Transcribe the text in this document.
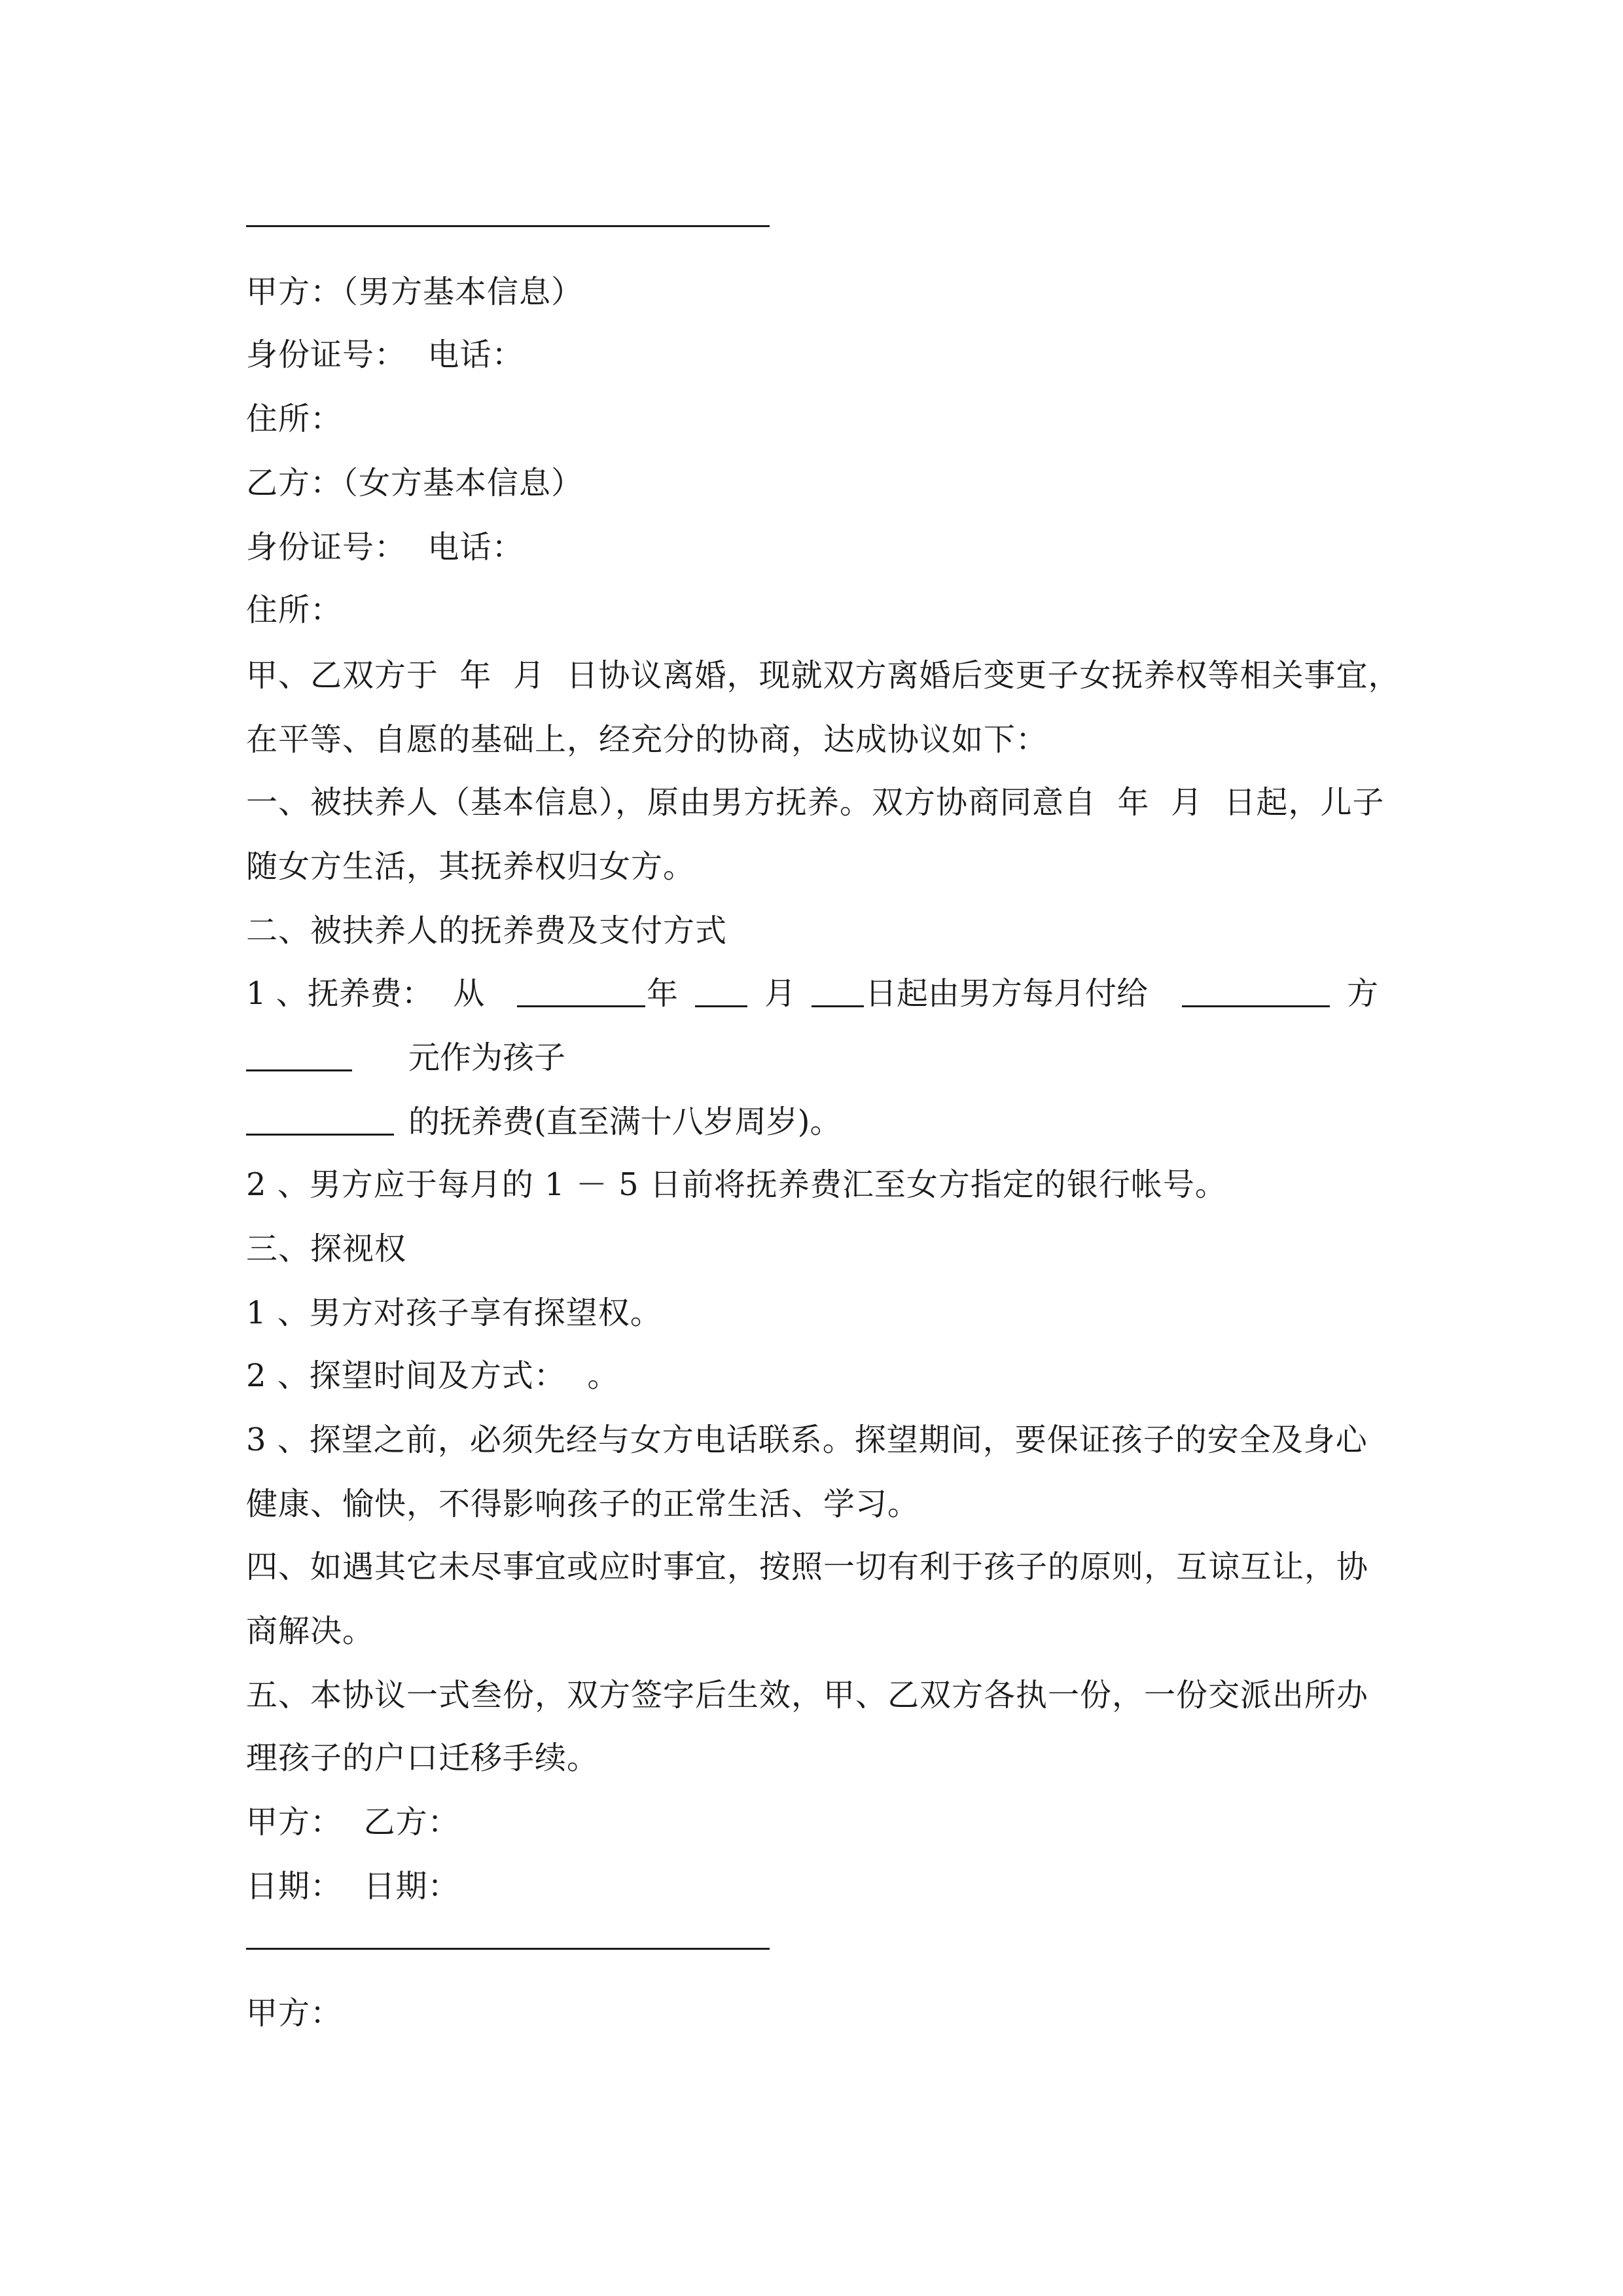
甲方：（男方基本信息）
身份证号：  电话：
住所：
乙方：（女方基本信息）
身份证号：  电话：
住所：
甲、乙双方于  年  月  日协议离婚，现就双方离婚后变更子女抚养权等相关事宜，
在平等、自愿的基础上，经充分的协商，达成协议如下：
一、被扶养人（基本信息），原由男方抚养。双方协商同意自  年  月  日起，儿子
随女方生活，其抚养权归女方。
二、被扶养人的抚养费及支付方式
1 、抚养费：  从	年	月 日起由男方每月付给	方
元作为孩子
的抚养费(直至满十八岁周岁)。
2 、男方应于每月的 1 － 5 日前将抚养费汇至女方指定的银行帐号。
三、探视权
1 、男方对孩子享有探望权。
2 、探望时间及方式：  。
3 、探望之前，必须先经与女方电话联系。探望期间，要保证孩子的安全及身心
健康、愉快，不得影响孩子的正常生活、学习。
四、如遇其它未尽事宜或应时事宜，按照一切有利于孩子的原则，互谅互让，协
商解决。
五、本协议一式叁份，双方签字后生效，甲、乙双方各执一份，一份交派出所办
理孩子的户口迁移手续。
甲方：  乙方：
日期：  日期：
甲方：
